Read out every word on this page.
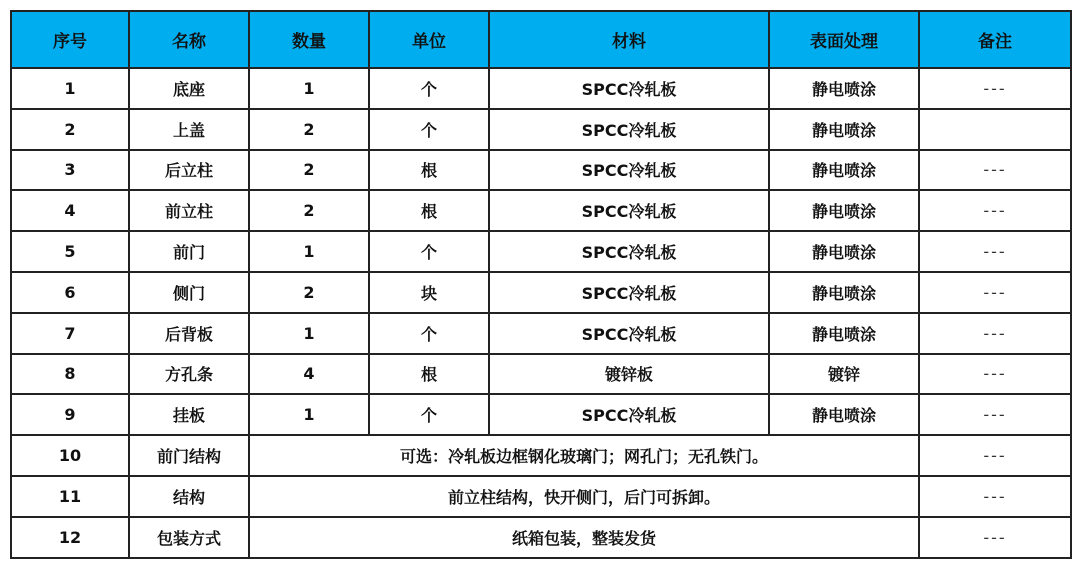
序号	名称	数量	单位	材料	表面处理	备注
1	底座	1	个	SPCC冷轧板	静电喷涂	---
2	上盖	2	个	SPCC冷轧板	静电喷涂	
3	后立柱	2	根	SPCC冷轧板	静电喷涂	---
4	前立柱	2	根	SPCC冷轧板	静电喷涂	---
5	前门	1	个	SPCC冷轧板	静电喷涂	---
6	侧门	2	块	SPCC冷轧板	静电喷涂	---
7	后背板	1	个	SPCC冷轧板	静电喷涂	---
8	方孔条	4	根	镀锌板	镀锌	---
9	挂板	1	个	SPCC冷轧板	静电喷涂	---
10	前门结构	可选：冷轧板边框钢化玻璃门；网孔门；无孔铁门。				---
11	结构	前立柱结构，快开侧门，后门可拆卸。				---
12	包装方式	纸箱包装，整装发货				---
